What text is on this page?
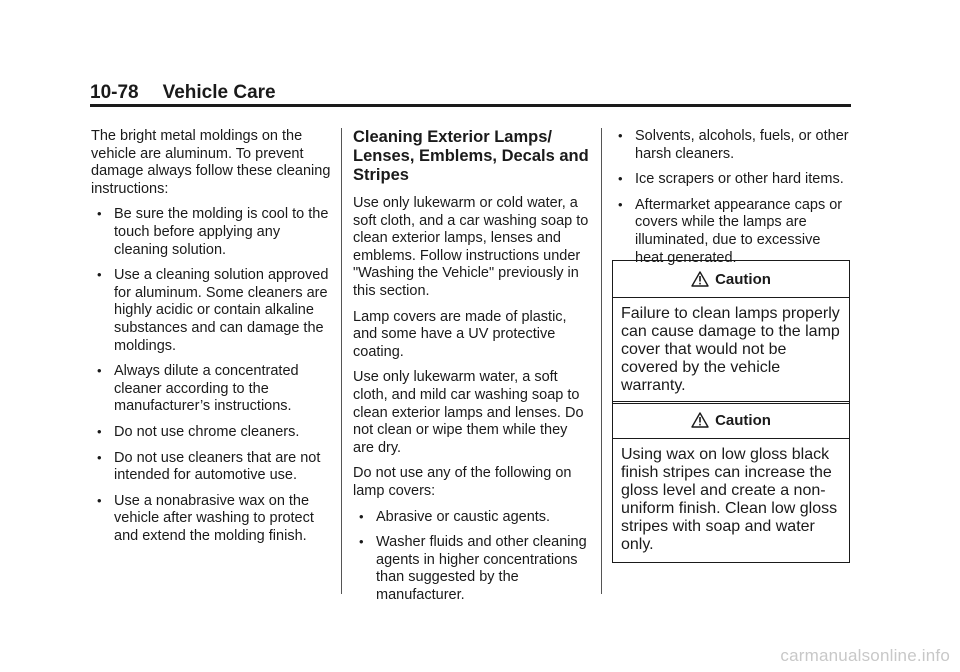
10-78 Vehicle Care

The bright metal moldings on the vehicle are aluminum. To prevent damage always follow these cleaning instructions:

• Be sure the molding is cool to the touch before applying any cleaning solution.
• Use a cleaning solution approved for aluminum. Some cleaners are highly acidic or contain alkaline substances and can damage the moldings.
• Always dilute a concentrated cleaner according to the manufacturer’s instructions.
• Do not use chrome cleaners.
• Do not use cleaners that are not intended for automotive use.
• Use a nonabrasive wax on the vehicle after washing to protect and extend the molding finish.
Cleaning Exterior Lamps/ Lenses, Emblems, Decals and Stripes

Use only lukewarm or cold water, a soft cloth, and a car washing soap to clean exterior lamps, lenses and emblems. Follow instructions under "Washing the Vehicle" previously in this section.

Lamp covers are made of plastic, and some have a UV protective coating.

Use only lukewarm water, a soft cloth, and mild car washing soap to clean exterior lamps and lenses. Do not clean or wipe them while they are dry.

Do not use any of the following on lamp covers:

• Abrasive or caustic agents.
• Washer fluids and other cleaning agents in higher concentrations than suggested by the manufacturer.
• Solvents, alcohols, fuels, or other harsh cleaners.
• Ice scrapers or other hard items.
• Aftermarket appearance caps or covers while the lamps are illuminated, due to excessive heat generated.
Caution
Failure to clean lamps properly can cause damage to the lamp cover that would not be covered by the vehicle warranty.
Caution
Using wax on low gloss black finish stripes can increase the gloss level and create a non-uniform finish. Clean low gloss stripes with soap and water only.
carmanualsonline.info
